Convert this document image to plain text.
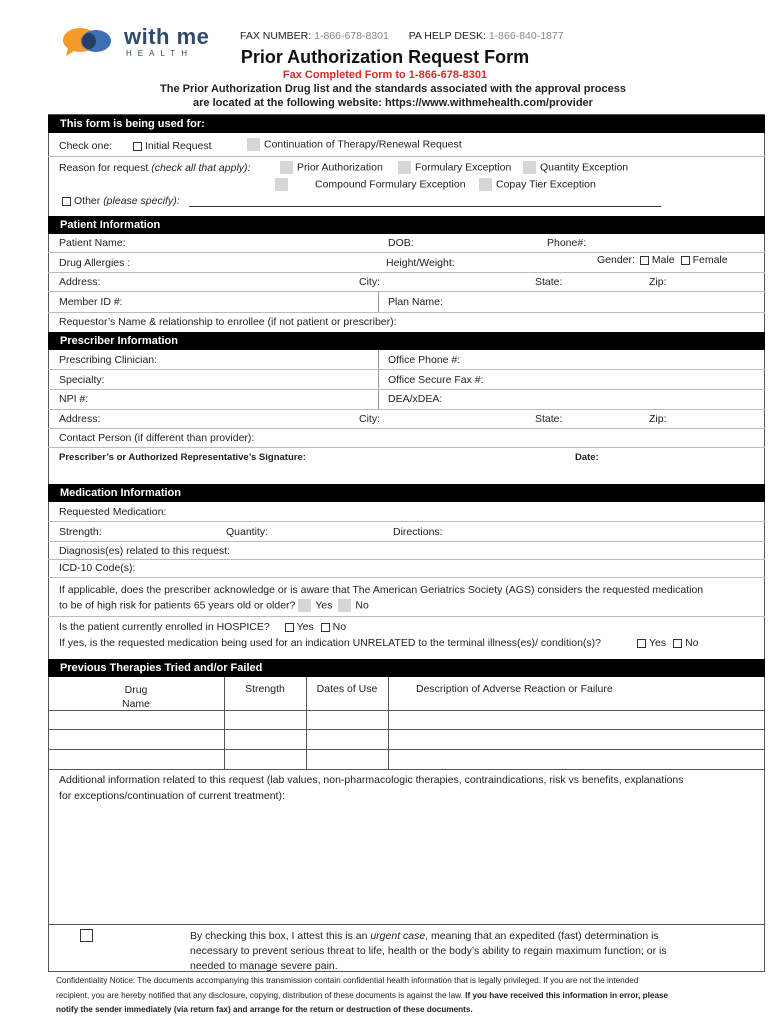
with me
HEALTH
FAX NUMBER: 1-866-678-8301 PA HELP DESK: 1-866-840-1877
Prior Authorization Request Form
Fax Completed Form to 1-866-678-8301
The Prior Authorization Drug list and the standards associated with the approval process
are located at the following website: https://www.withmehealth.com/provider
This form is being used for:
Check one:	Initial Request	Continuation of Therapy/Renewal Request
Reason for request (check all that apply):	Prior Authorization	Formulary Exception	Quantity Exception
Compound Formulary Exception	Copay Tier Exception
Other (please specify):
Patient Information
Patient Name:	DOB:	Phone#:
Drug Allergies :	Height/Weight:	Gender: Male Female
Address:	City:	State:	Zip:
Member ID #:	Plan Name:
Requestor’s Name & relationship to enrollee (if not patient or prescriber):
Prescriber Information
Prescribing Clinician:	Office Phone #:
Specialty:	Office Secure Fax #:
NPI #:	DEA/xDEA:
Address:	City:	State:	Zip:
Contact Person (if different than provider):
Prescriber’s or Authorized Representative’s Signature:	Date:
Medication Information
Requested Medication:
Strength:	Quantity:	Directions:
Diagnosis(es) related to this request:
ICD-10 Code(s):
If applicable, does the prescriber acknowledge or is aware that The American Geriatrics Society (AGS) considers the requested medication
to be of high risk for patients 65 years old or older? Yes No
Is the patient currently enrolled in HOSPICE?	Yes No
If yes, is the requested medication being used for an indication UNRELATED to the terminal illness(es)/ condition(s)?	Yes No
Previous Therapies Tried and/or Failed
Drug
Name
Strength	Dates of Use	Description of Adverse Reaction or Failure
Additional information related to this request (lab values, non-pharmacologic therapies, contraindications, risk vs benefits, explanations
for exceptions/continuation of current treatment):
By checking this box, I attest this is an urgent case, meaning that an expedited (fast) determination is
necessary to prevent serious threat to life, health or the body’s ability to regain maximum function; or is
needed to manage severe pain.
Confidentiality Notice: The documents accompanying this transmission contain confidential health information that is legally privileged. If you are not the intended
recipient, you are hereby notified that any disclosure, copying, distribution of these documents is against the law. If you have received this information in error, please
notify the sender immediately (via return fax) and arrange for the return or destruction of these documents.
